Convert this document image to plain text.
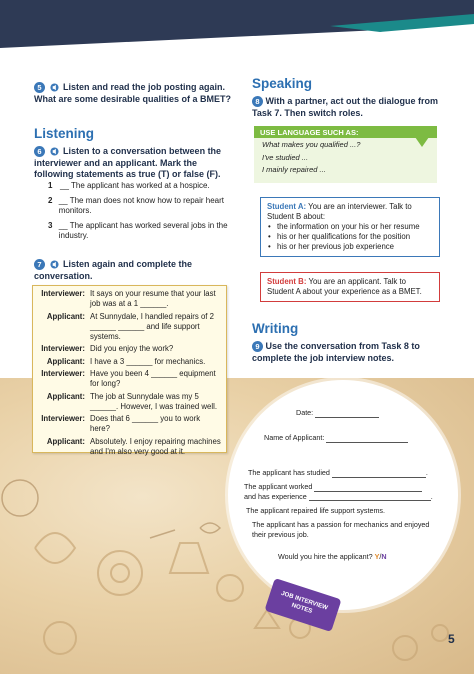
5 Listen and read the job posting again. What are some desirable qualities of a BMET?
Listening
6 Listen to a conversation between the interviewer and an applicant. Mark the following statements as true (T) or false (F).
1 __ The applicant has worked at a hospice.
2 __ The man does not know how to repair heart monitors.
3 __ The applicant has worked several jobs in the industry.
7 Listen again and complete the conversation.
Interviewer: It says on your resume that your last job was at a 1 ______.
Applicant: At Sunnydale, I handled repairs of 2 ______ ______ and life support systems.
Interviewer: Did you enjoy the work?
Applicant: I have a 3 ______ for mechanics.
Interviewer: Have you been 4 ______ equipment for long?
Applicant: The job at Sunnydale was my 5 ______. However, I was trained well.
Interviewer: Does that 6 ______ you to work here?
Applicant: Absolutely. I enjoy repairing machines and I'm also very good at it.
Speaking
8 With a partner, act out the dialogue from Task 7. Then switch roles.
USE LANGUAGE SUCH AS:
What makes you qualified ...?
I've studied ...
I mainly repaired ...
Student A: You are an interviewer. Talk to Student B about:
• the information on your his or her resume
• his or her qualifications for the position
• his or her previous job experience
Student B: You are an applicant. Talk to Student A about your experience as a BMET.
Writing
9 Use the conversation from Task 8 to complete the job interview notes.
Date:
Name of Applicant:
The applicant has studied	.
The applicant worked
and has experience	.
The applicant repaired life support systems.
The applicant has a passion for mechanics and enjoyed their previous job.
Would you hire the applicant? Y/N
JOB INTERVIEW NOTES
5
